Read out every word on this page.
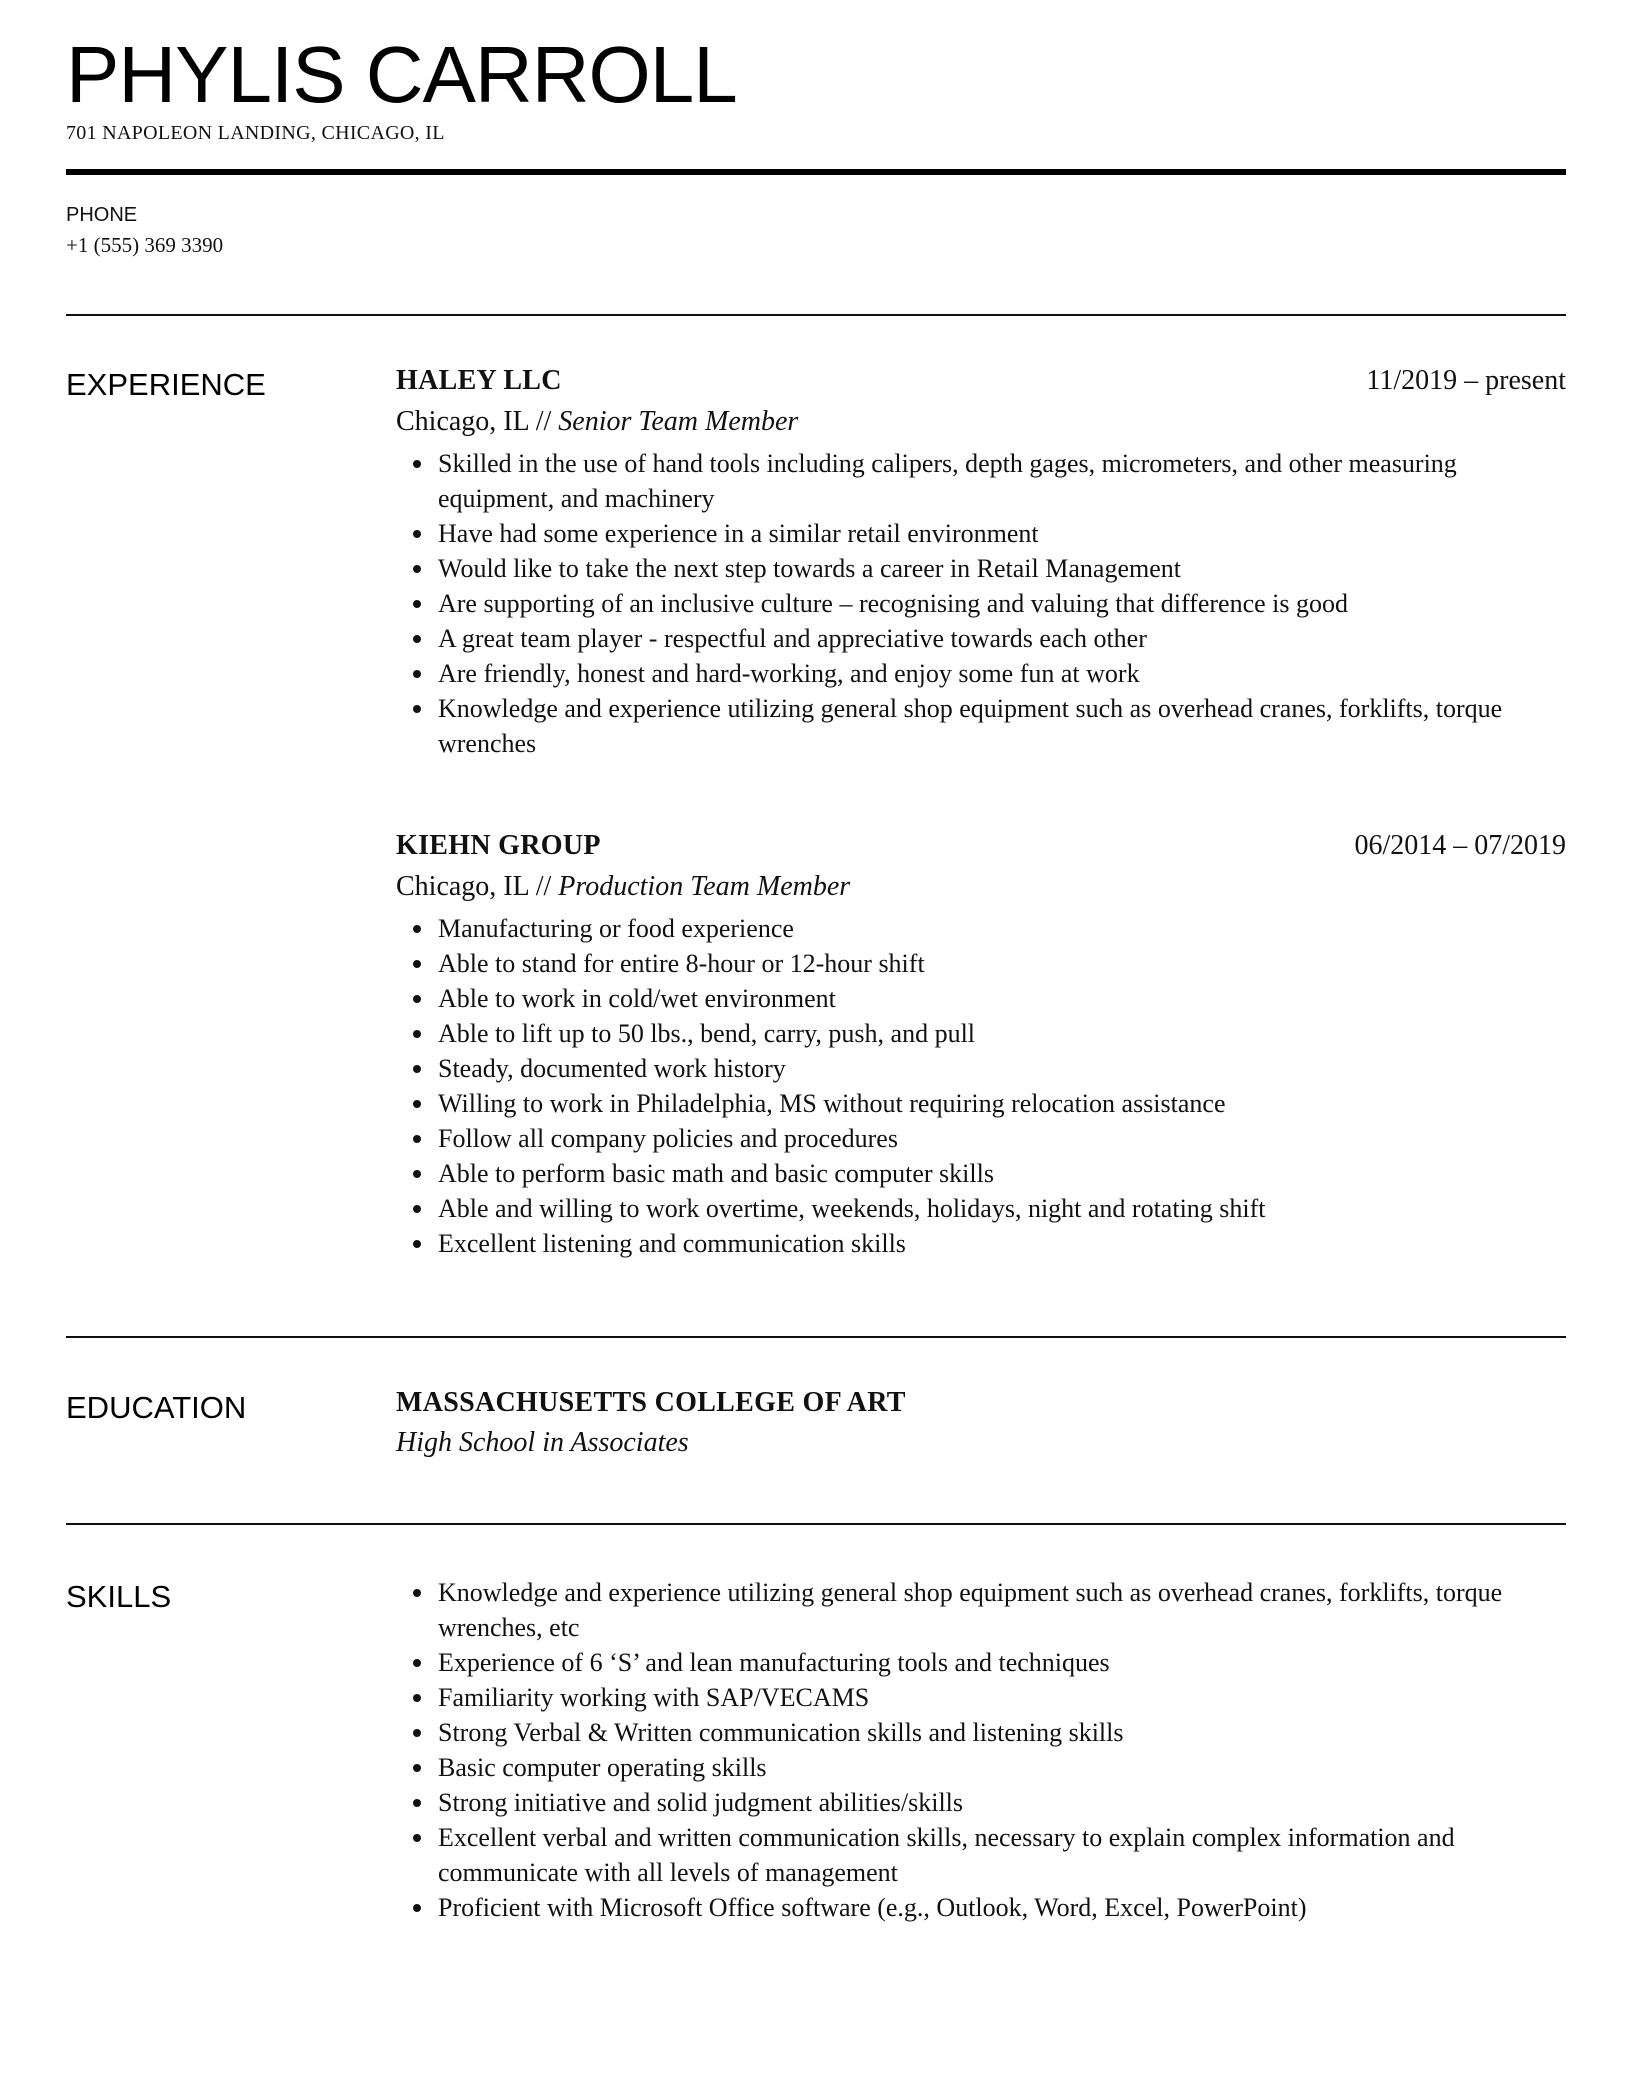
PHYLIS CARROLL
701 NAPOLEON LANDING, CHICAGO, IL
PHONE
+1 (555) 369 3390
EXPERIENCE	HALEY LLC	11/2019 – present
Chicago, IL // Senior Team Member
Skilled in the use of hand tools including calipers, depth gages, micrometers, and other measuring equipment, and machinery
Have had some experience in a similar retail environment
Would like to take the next step towards a career in Retail Management
Are supporting of an inclusive culture – recognising and valuing that difference is good
A great team player - respectful and appreciative towards each other
Are friendly, honest and hard-working, and enjoy some fun at work
Knowledge and experience utilizing general shop equipment such as overhead cranes, forklifts, torque wrenches
KIEHN GROUP	06/2014 – 07/2019
Chicago, IL // Production Team Member
Manufacturing or food experience
Able to stand for entire 8-hour or 12-hour shift
Able to work in cold/wet environment
Able to lift up to 50 lbs., bend, carry, push, and pull
Steady, documented work history
Willing to work in Philadelphia, MS without requiring relocation assistance
Follow all company policies and procedures
Able to perform basic math and basic computer skills
Able and willing to work overtime, weekends, holidays, night and rotating shift
Excellent listening and communication skills
EDUCATION	MASSACHUSETTS COLLEGE OF ART
High School in Associates
SKILLS	Knowledge and experience utilizing general shop equipment such as overhead cranes, forklifts, torque wrenches, etc
Experience of 6 ‘S’ and lean manufacturing tools and techniques
Familiarity working with SAP/VECAMS
Strong Verbal & Written communication skills and listening skills
Basic computer operating skills
Strong initiative and solid judgment abilities/skills
Excellent verbal and written communication skills, necessary to explain complex information and communicate with all levels of management
Proficient with Microsoft Office software (e.g., Outlook, Word, Excel, PowerPoint)
